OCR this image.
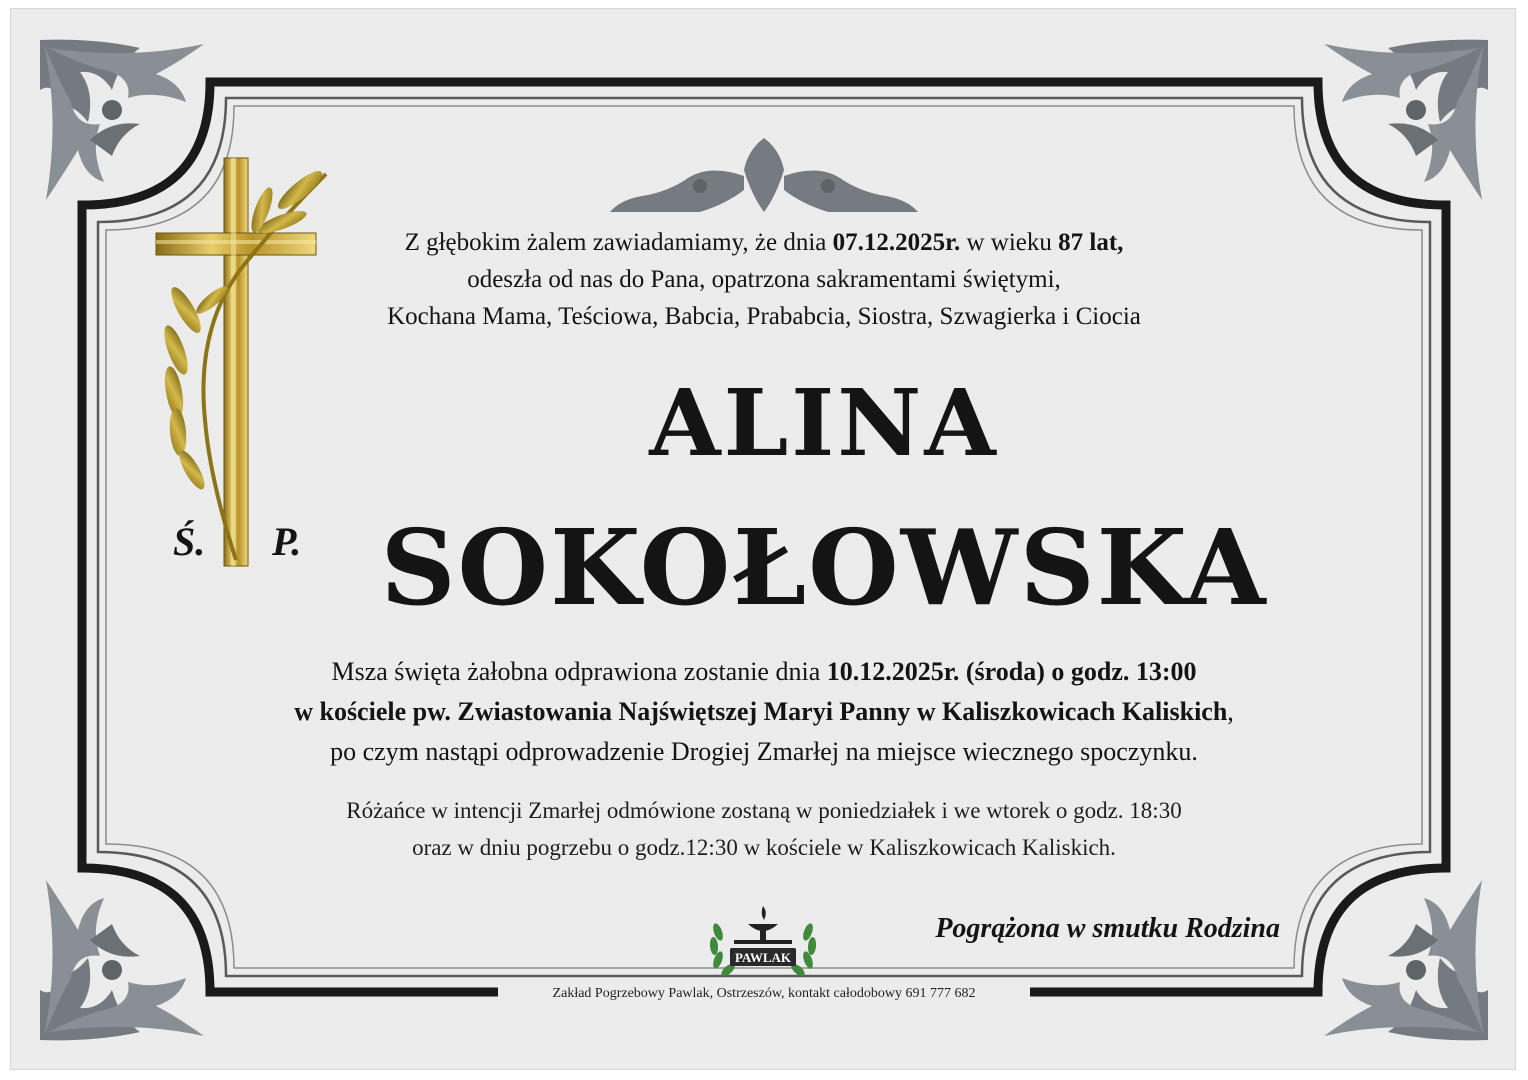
Ś. P.
Z głębokim żalem zawiadamiamy, że dnia 07.12.2025r. w wieku 87 lat,
odeszła od nas do Pana, opatrzona sakramentami świętymi,
Kochana Mama, Teściowa, Babcia, Prababcia, Siostra, Szwagierka i Ciocia
ALINA
SOKOŁOWSKA
Msza święta żałobna odprawiona zostanie dnia 10.12.2025r. (środa) o godz. 13:00
w kościele pw. Zwiastowania Najświętszej Maryi Panny w Kaliszkowicach Kaliskich,
po czym nastąpi odprowadzenie Drogiej Zmarłej na miejsce wiecznego spoczynku.
Różańce w intencji Zmarłej odmówione zostaną w poniedziałek i we wtorek o godz. 18:30
oraz w dniu pogrzebu o godz.12:30 w kościele w Kaliszkowicach Kaliskich.
PAWLAK
Pogrążona w smutku Rodzina
Zakład Pogrzebowy Pawlak, Ostrzeszów, kontakt całodobowy 691 777 682
